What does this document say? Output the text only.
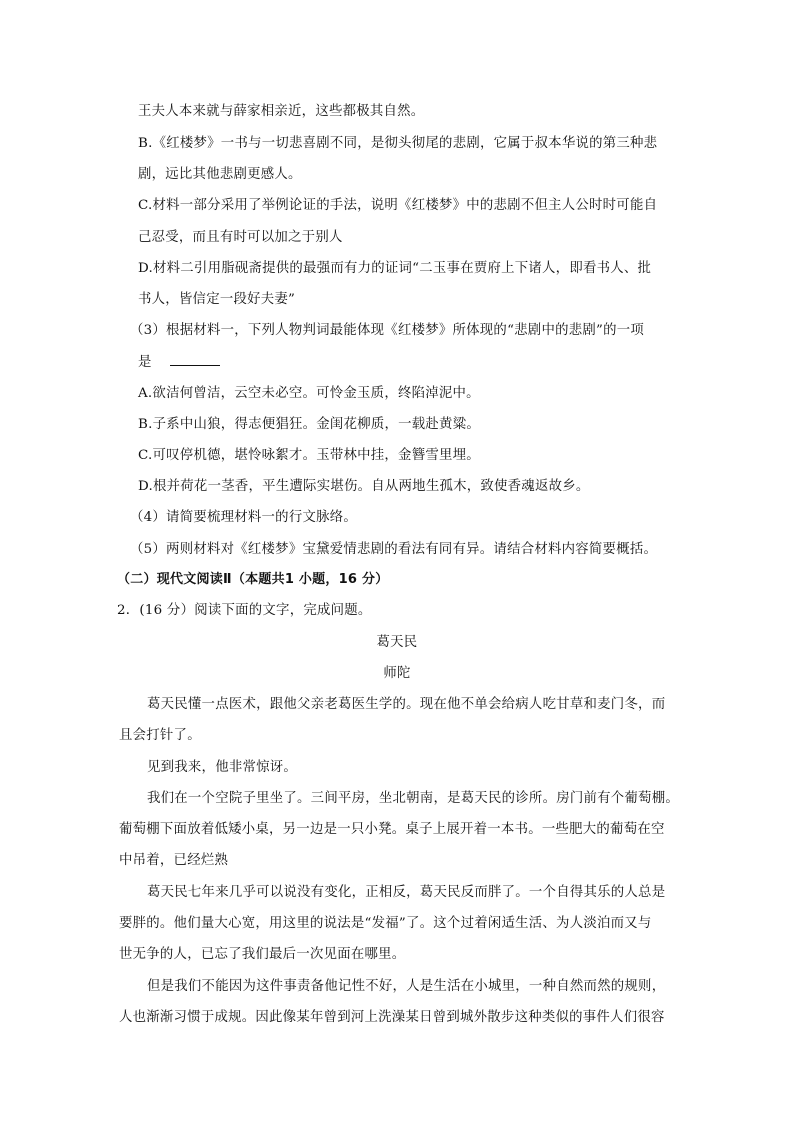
王夫人本来就与薛家相亲近，这些都极其自然。
B.《红楼梦》一书与一切悲喜剧不同，是彻头彻尾的悲剧，它属于叔本华说的第三种悲
剧，远比其他悲剧更感人。
C.材料一部分采用了举例论证的手法，说明《红楼梦》中的悲剧不但主人公时时可能自
己忍受，而且有时可以加之于别人
D.材料二引用脂砚斋提供的最强而有力的证词“二玉事在贾府上下诸人，即看书人、批
书人，皆信定一段好夫妻”
（3）根据材料一，下列人物判词最能体现《红楼梦》所体现的“悲剧中的悲剧”的一项
是
A.欲洁何曾洁，云空未必空。可怜金玉质，终陷淖泥中。
B.子系中山狼，得志便猖狂。金闺花柳质，一载赴黄粱。
C.可叹停机德，堪怜咏絮才。玉带林中挂，金簪雪里埋。
D.根并荷花一茎香，平生遭际实堪伤。自从两地生孤木，致使香魂返故乡。
（4）请简要梳理材料一的行文脉络。
（5）两则材料对《红楼梦》宝黛爱情悲剧的看法有同有异。请结合材料内容简要概括。
（二）现代文阅读Ⅱ（本题共1 小题，16 分）
2．(16 分）阅读下面的文字，完成问题。
葛天民
师陀
葛天民懂一点医术，跟他父亲老葛医生学的。现在他不单会给病人吃甘草和麦门冬，而
且会打针了。
见到我来，他非常惊讶。
我们在一个空院子里坐了。三间平房，坐北朝南，是葛天民的诊所。房门前有个葡萄棚。
葡萄棚下面放着低矮小桌，另一边是一只小凳。桌子上展开着一本书。一些肥大的葡萄在空
中吊着，已经烂熟
葛天民七年来几乎可以说没有变化，正相反，葛天民反而胖了。一个自得其乐的人总是
要胖的。他们量大心宽，用这里的说法是“发福”了。这个过着闲适生活、为人淡泊而又与
世无争的人，已忘了我们最后一次见面在哪里。
但是我们不能因为这件事责备他记性不好，人是生活在小城里，一种自然而然的规则，
人也渐渐习惯于成规。因此像某年曾到河上洗澡某日曾到城外散步这种类似的事件人们很容
